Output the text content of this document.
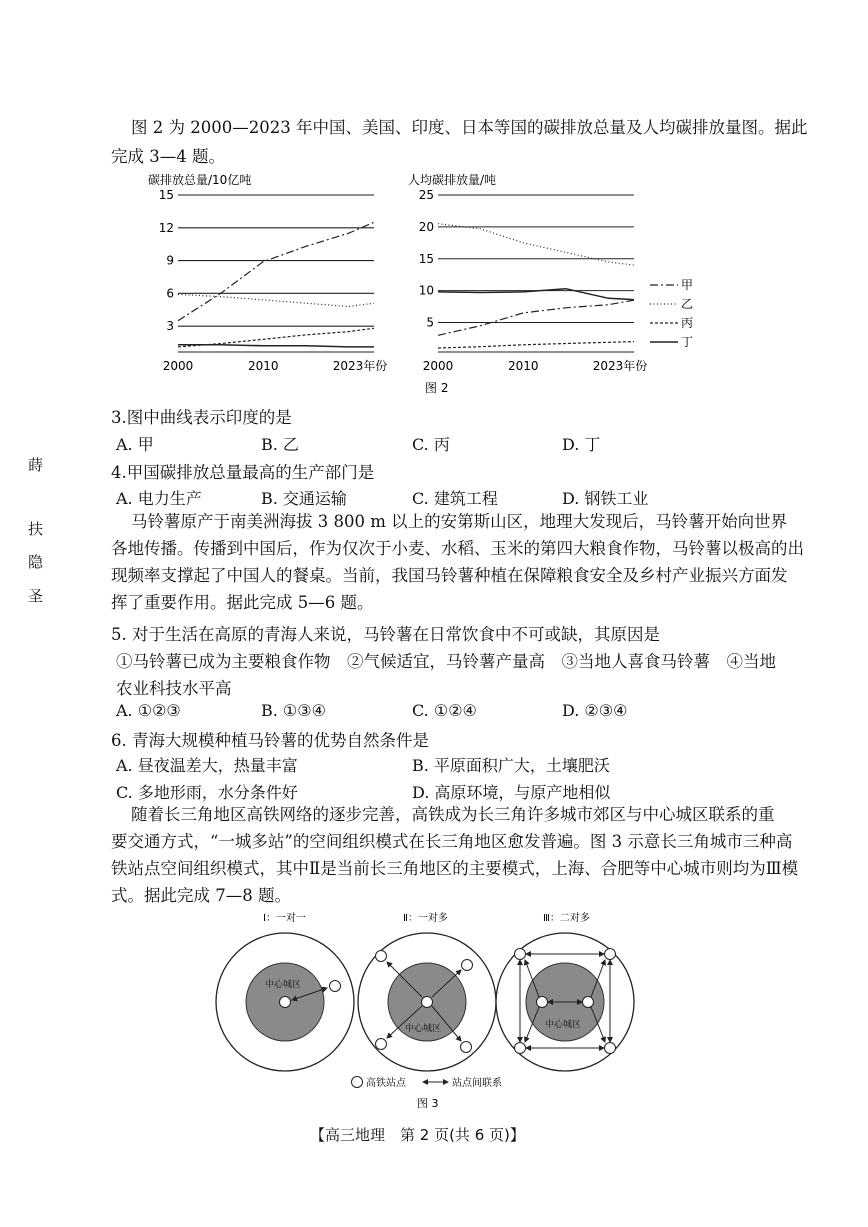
图 2 为 2000—2023 年中国、美国、印度、日本等国的碳排放总量及人均碳排放量图。据此
完成 3—4 题。
碳排放总量/10亿吨
15
12
9
6
3
2000	2010	2023年份
人均碳排放量/吨
25
20
15
10
5
2000	2010	2023年份
甲
乙
丙
丁
图 2
3.图中曲线表示印度的是
A. 甲	B. 乙	C. 丙	D. 丁
4.甲国碳排放总量最高的生产部门是
A. 电力生产	B. 交通运输	C. 建筑工程	D. 钢铁工业
马铃薯原产于南美洲海拔 3 800 m 以上的安第斯山区，地理大发现后，马铃薯开始向世界
各地传播。传播到中国后，作为仅次于小麦、水稻、玉米的第四大粮食作物，马铃薯以极高的出
现频率支撑起了中国人的餐桌。当前，我国马铃薯种植在保障粮食安全及乡村产业振兴方面发
挥了重要作用。据此完成 5—6 题。
5. 对于生活在高原的青海人来说，马铃薯在日常饮食中不可或缺，其原因是
①马铃薯已成为主要粮食作物　②气候适宜，马铃薯产量高　③当地人喜食马铃薯　④当地
农业科技水平高
A. ①②③	B. ①③④	C. ①②④	D. ②③④
6. 青海大规模种植马铃薯的优势自然条件是
A. 昼夜温差大，热量丰富	B. 平原面积广大，土壤肥沃
C. 多地形雨，水分条件好	D. 高原环境，与原产地相似
随着长三角地区高铁网络的逐步完善，高铁成为长三角许多城市郊区与中心城区联系的重
要交通方式，“一城多站”的空间组织模式在长三角地区愈发普遍。图 3 示意长三角城市三种高
铁站点空间组织模式，其中Ⅱ是当前长三角地区的主要模式，上海、合肥等中心城市则均为Ⅲ模
式。据此完成 7—8 题。
Ⅰ：一对一	Ⅱ：一对多	Ⅲ：二对多
中心城区
中心城区	中心城区
高铁站点	站点间联系
图 3
蒔
扶
隐
圣
【高三地理　第 2 页(共 6 页)】
